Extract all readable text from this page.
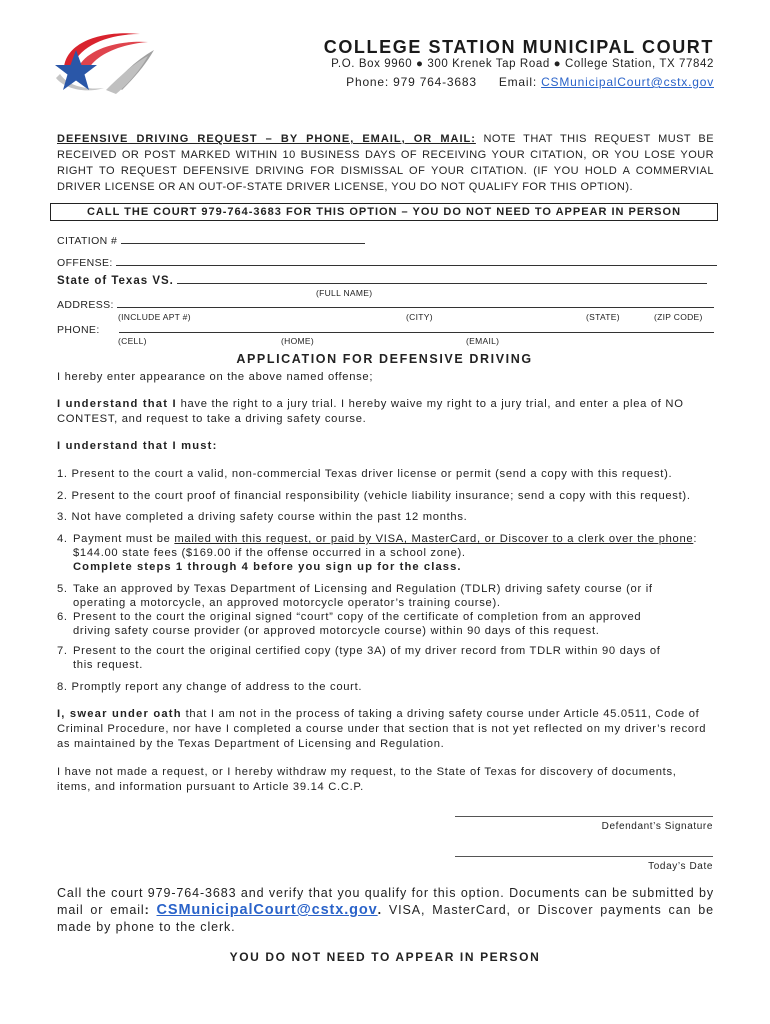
COLLEGE STATION MUNICIPAL COURT
P.O. Box 9960 ● 300 Krenek Tap Road ● College Station, TX 77842
Phone: 979 764-3683 Email: CSMunicipalCourt@cstx.gov
DEFENSIVE DRIVING REQUEST – BY PHONE, EMAIL, OR MAIL: NOTE THAT THIS REQUEST MUST BE RECEIVED OR POST MARKED WITHIN 10 BUSINESS DAYS OF RECEIVING YOUR CITATION, OR YOU LOSE YOUR RIGHT TO REQUEST DEFENSIVE DRIVING FOR DISMISSAL OF YOUR CITATION. (IF YOU HOLD A COMMERVIAL DRIVER LICENSE OR AN OUT-OF-STATE DRIVER LICENSE, YOU DO NOT QUALIFY FOR THIS OPTION).
CALL THE COURT 979-764-3683 FOR THIS OPTION – YOU DO NOT NEED TO APPEAR IN PERSON
CITATION #
OFFENSE:
State of Texas VS.
(FULL NAME)
ADDRESS:
(INCLUDE APT #)	(CITY)	(STATE)	(ZIP CODE)
PHONE:
(CELL)	(HOME)	(EMAIL)
APPLICATION FOR DEFENSIVE DRIVING
I hereby enter appearance on the above named offense;
I understand that I have the right to a jury trial. I hereby waive my right to a jury trial, and enter a plea of NO CONTEST, and request to take a driving safety course.
I understand that I must:
1. Present to the court a valid, non-commercial Texas driver license or permit (send a copy with this request).
2. Present to the court proof of financial responsibility (vehicle liability insurance; send a copy with this request).
3. Not have completed a driving safety course within the past 12 months.
4. Payment must be mailed with this request, or paid by VISA, MasterCard, or Discover to a clerk over the phone:
$144.00 state fees ($169.00 if the offense occurred in a school zone).
Complete steps 1 through 4 before you sign up for the class.
5. Take an approved by Texas Department of Licensing and Regulation (TDLR) driving safety course (or if
operating a motorcycle, an approved motorcycle operator’s training course).
6. Present to the court the original signed “court” copy of the certificate of completion from an approved
driving safety course provider (or approved motorcycle course) within 90 days of this request.
7. Present to the court the original certified copy (type 3A) of my driver record from TDLR within 90 days of
this request.
8. Promptly report any change of address to the court.
I, swear under oath that I am not in the process of taking a driving safety course under Article 45.0511, Code of Criminal Procedure, nor have I completed a course under that section that is not yet reflected on my driver’s record as maintained by the Texas Department of Licensing and Regulation.
I have not made a request, or I hereby withdraw my request, to the State of Texas for discovery of documents, items, and information pursuant to Article 39.14 C.C.P.
Defendant’s Signature
Today’s Date
Call the court 979-764-3683 and verify that you qualify for this option. Documents can be submitted by mail or email: CSMunicipalCourt@cstx.gov. VISA, MasterCard, or Discover payments can be made by phone to the clerk.
YOU DO NOT NEED TO APPEAR IN PERSON
